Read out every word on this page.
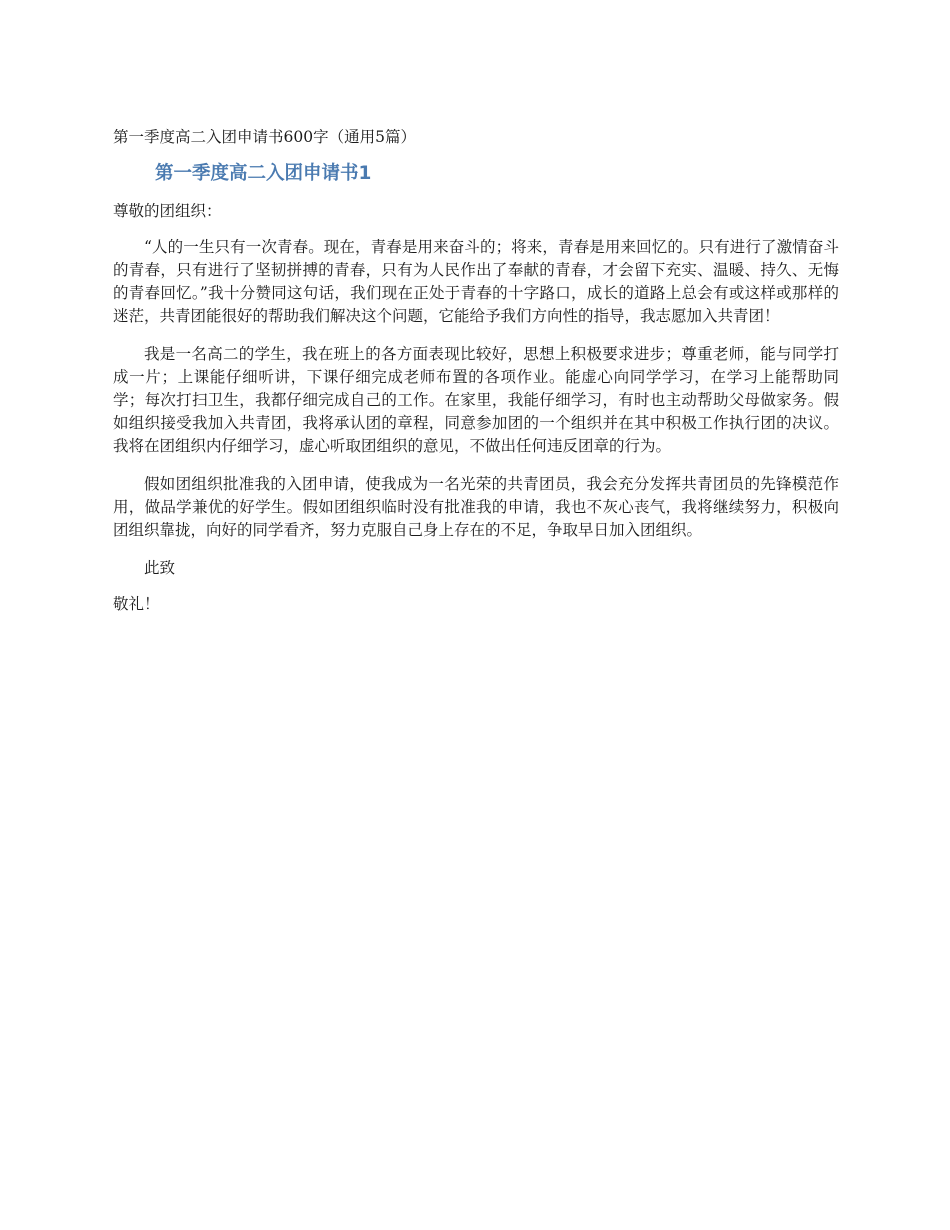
第一季度高二入团申请书600字（通用5篇）
第一季度高二入团申请书1
尊敬的团组织：

“人的一生只有一次青春。现在，青春是用来奋斗的；将来，青春是用来回忆的。只有进行了激情奋斗的青春，只有进行了坚韧拼搏的青春，只有为人民作出了奉献的青春，才会留下充实、温暖、持久、无悔的青春回忆。”我十分赞同这句话，我们现在正处于青春的十字路口，成长的道路上总会有或这样或那样的迷茫，共青团能很好的帮助我们解决这个问题，它能给予我们方向性的指导，我志愿加入共青团！

我是一名高二的学生，我在班上的各方面表现比较好，思想上积极要求进步；尊重老师，能与同学打成一片；上课能仔细听讲，下课仔细完成老师布置的各项作业。能虚心向同学学习，在学习上能帮助同学；每次打扫卫生，我都仔细完成自己的工作。在家里，我能仔细学习，有时也主动帮助父母做家务。假如组织接受我加入共青团，我将承认团的章程，同意参加团的一个组织并在其中积极工作执行团的决议。我将在团组织内仔细学习，虚心听取团组织的意见，不做出任何违反团章的行为。

假如团组织批准我的入团申请，使我成为一名光荣的共青团员，我会充分发挥共青团员的先锋模范作用，做品学兼优的好学生。假如团组织临时没有批准我的申请，我也不灰心丧气，我将继续努力，积极向团组织靠拢，向好的同学看齐，努力克服自己身上存在的不足，争取早日加入团组织。

此致
敬礼！
